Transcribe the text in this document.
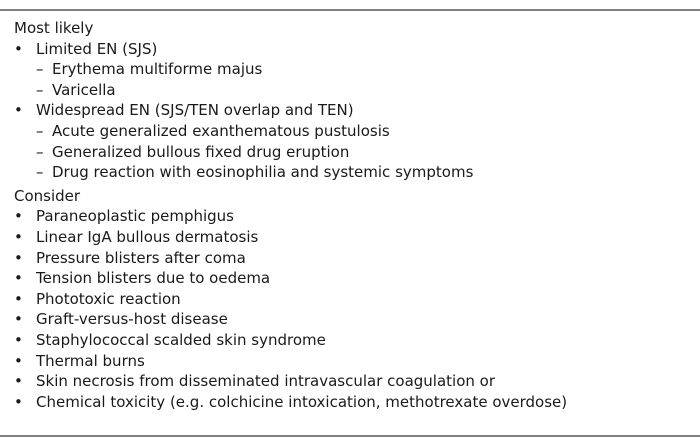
Most likely
• Limited EN (SJS)
– Erythema multiforme majus
– Varicella
• Widespread EN (SJS/TEN overlap and TEN)
– Acute generalized exanthematous pustulosis
– Generalized bullous fixed drug eruption
– Drug reaction with eosinophilia and systemic symptoms
Consider
• Paraneoplastic pemphigus
• Linear IgA bullous dermatosis
• Pressure blisters after coma
• Tension blisters due to oedema
• Phototoxic reaction
• Graft-versus-host disease
• Staphylococcal scalded skin syndrome
• Thermal burns
• Skin necrosis from disseminated intravascular coagulation or
• Chemical toxicity (e.g. colchicine intoxication, methotrexate overdose)
